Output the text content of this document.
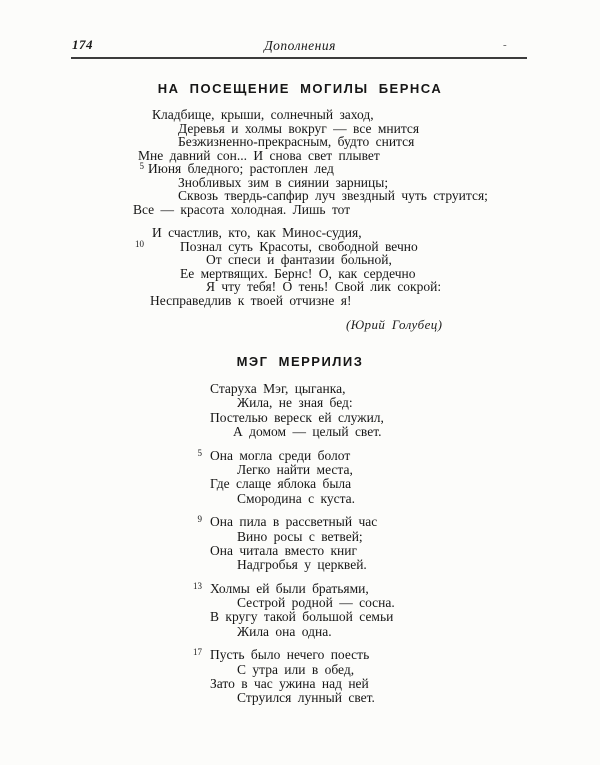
174	Дополнения	-
НА ПОСЕЩЕНИЕ МОГИЛЫ БЕРНСА
Кладбище, крыши, солнечный заход,
Деревья и холмы вокруг — все мнится
Безжизненно-прекрасным, будто снится
Мне давний сон... И снова свет плывет
5 Июня бледного; растоплен лед
Знобливых зим в сиянии зарницы;
Сквозь твердь-сапфир луч звездный чуть струится;
Все — красота холодная. Лишь тот
И счастлив, кто, как Минос-судия,
10	Познал суть Красоты, свободной вечно
От спеси и фантазии больной,
Ее мертвящих. Бернс! О, как сердечно
Я чту тебя! О тень! Свой лик сокрой:
Несправедлив к твоей отчизне я!
(Юрий Голубец)
МЭГ МЕРРИЛИЗ
Старуха Мэг, цыганка,
Жила, не зная бед:
Постелью вереск ей служил,
А домом — целый свет.
5 Она могла среди болот
Легко найти места,
Где слаще яблока была
Смородина с куста.
9 Она пила в рассветный час
Вино росы с ветвей;
Она читала вместо книг
Надгробья у церквей.
13 Холмы ей были братьями,
Сестрой родной — сосна.
В кругу такой большой семьи
Жила она одна.
17 Пусть было нечего поесть
С утра или в обед,
Зато в час ужина над ней
Струился лунный свет.
